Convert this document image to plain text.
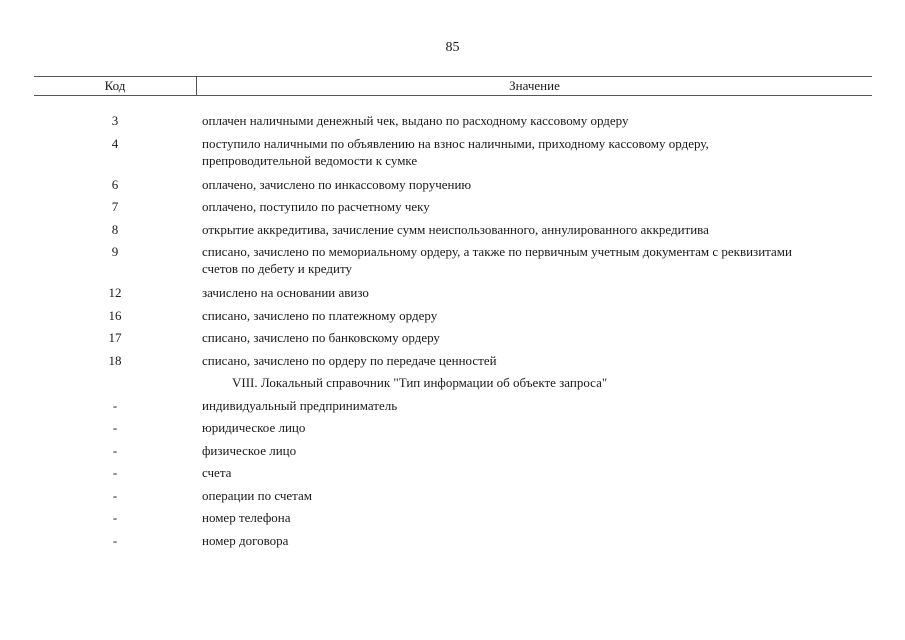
85
Код	Значение
3	оплачен наличными денежный чек, выдано по расходному кассовому ордеру
4	поступило наличными по объявлению на взнос наличными, приходному кассовому ордеру, препроводительной ведомости к сумке
6	оплачено, зачислено по инкассовому поручению
7	оплачено, поступило по расчетному чеку
8	открытие аккредитива, зачисление сумм неиспользованного, аннулированного аккредитива
9	списано, зачислено по мемориальному ордеру, а также по первичным учетным документам с реквизитами счетов по дебету и кредиту
12	зачислено на основании авизо
16	списано, зачислено по платежному ордеру
17	списано, зачислено по банковскому ордеру
18	списано, зачислено по ордеру по передаче ценностей
VIII. Локальный справочник "Тип информации об объекте запроса"
-	индивидуальный предприниматель
-	юридическое лицо
-	физическое лицо
-	счета
-	операции по счетам
-	номер телефона
-	номер договора
